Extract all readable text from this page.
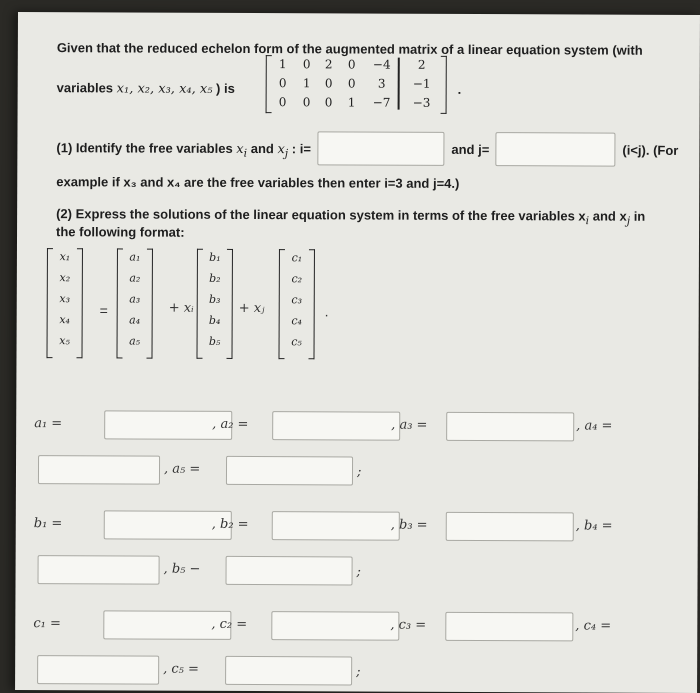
Given that the reduced echelon form of the augmented matrix of a linear equation system (with
variables x₁, x₂, x₃, x₄, x₅ ) is
1 0 2 0 −4	2
0 1 0 0	3	−1
0 0 0 1 −7 −3
.
(1) Identify the free variables $x_i$ and $x_j$ : i=	and j=	(i<j). (For
example if x₃ and x₄ are the free variables then enter i=3 and j=4.)
(2) Express the solutions of the linear equation system in terms of the free variables $x_i$ and $x_j$ in
the following format:
x₁
x₂
x₃
x₄
x₅
a₁
a₂
a₃
a₄
a₅
b₁
b₂
b₃
b₄
b₅
c₁
c₂
c₃
c₄
c₅
=	+ xᵢ	+ xⱼ	.
a₁ =	, a₂ =	, a₃ =	, a₄ =
, a₅ =	;
b₁ =	, b₂ =	, b₃ =	, b₄ =
, b₅ −	;
c₁ =	, c₂ =	, c₃ =	, c₄ =
, c₅ =	;
